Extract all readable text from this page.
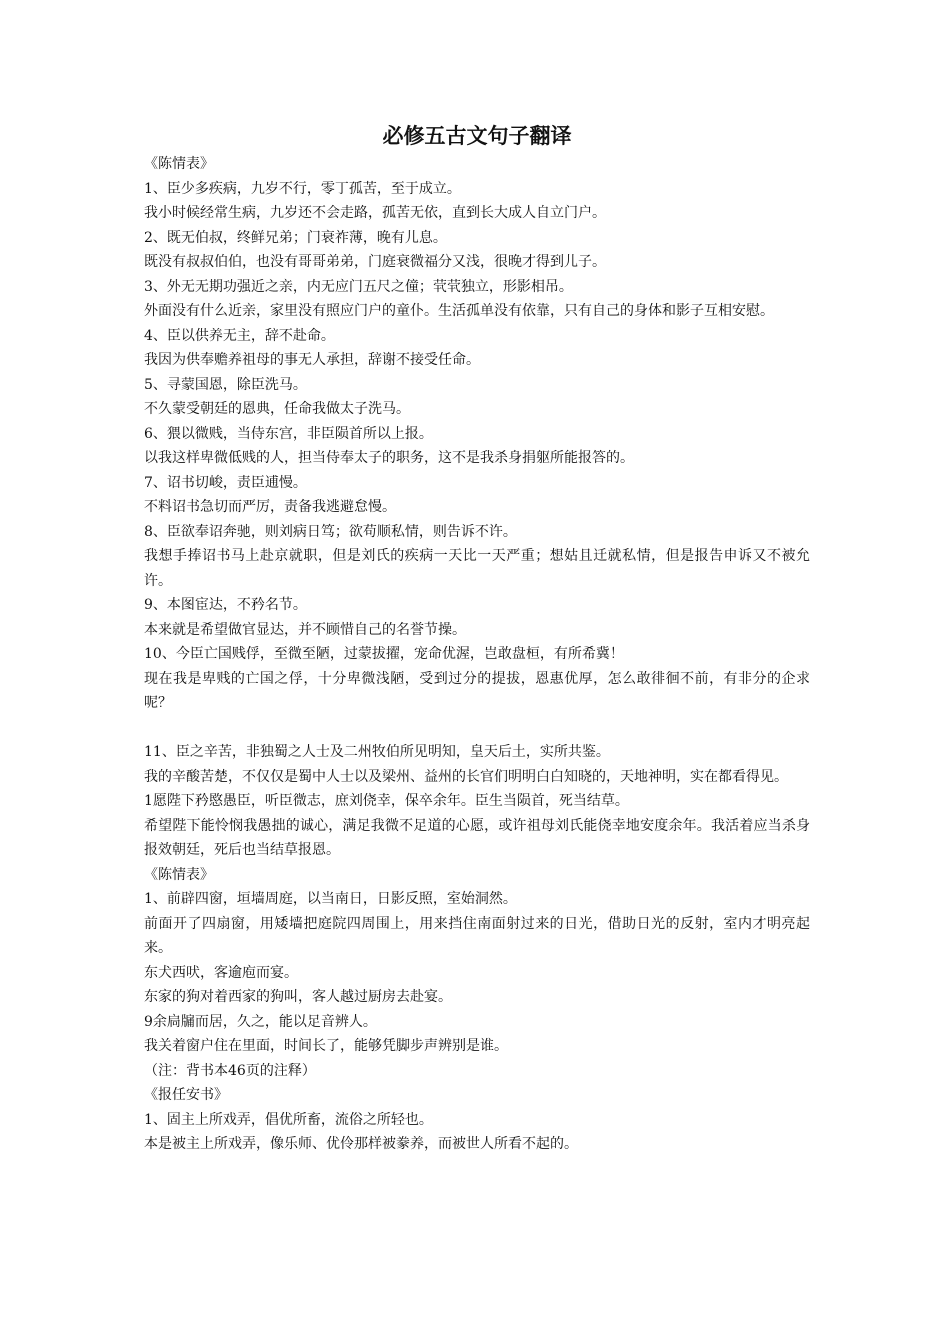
必修五古文句子翻译

《陈情表》

1、臣少多疾病，九岁不行，零丁孤苦，至于成立。

我小时候经常生病，九岁还不会走路，孤苦无依，直到长大成人自立门户。

2、既无伯叔，终鲜兄弟；门衰祚薄，晚有儿息。

既没有叔叔伯伯，也没有哥哥弟弟，门庭衰微福分又浅，很晚才得到儿子。

3、外无无期功强近之亲，内无应门五尺之僮；茕茕独立，形影相吊。

外面没有什么近亲，家里没有照应门户的童仆。生活孤单没有依靠，只有自己的身体和影子互相安慰。

4、臣以供养无主，辞不赴命。

我因为供奉赡养祖母的事无人承担，辞谢不接受任命。

5、寻蒙国恩，除臣洗马。

不久蒙受朝廷的恩典，任命我做太子洗马。

6、猥以微贱，当侍东宫，非臣陨首所以上报。

以我这样卑微低贱的人，担当侍奉太子的职务，这不是我杀身捐躯所能报答的。

7、诏书切峻，责臣逋慢。

不料诏书急切而严厉，责备我逃避怠慢。

8、臣欲奉诏奔驰，则刘病日笃；欲苟顺私情，则告诉不许。

我想手捧诏书马上赴京就职，但是刘氏的疾病一天比一天严重；想姑且迁就私情，但是报告申诉又不被允许。

9、本图宦达，不矜名节。

本来就是希望做官显达，并不顾惜自己的名誉节操。

10、今臣亡国贱俘，至微至陋，过蒙拔擢，宠命优渥，岂敢盘桓，有所希冀！

现在我是卑贱的亡国之俘，十分卑微浅陋，受到过分的提拔，恩惠优厚，怎么敢徘徊不前，有非分的企求呢？

11、臣之辛苦，非独蜀之人士及二州牧伯所见明知，皇天后土，实所共鉴。

我的辛酸苦楚，不仅仅是蜀中人士以及梁州、益州的长官们明明白白知晓的，天地神明，实在都看得见。

1愿陛下矜愍愚臣，听臣微志，庶刘侥幸，保卒余年。臣生当陨首，死当结草。

希望陛下能怜悯我愚拙的诚心，满足我微不足道的心愿，或许祖母刘氏能侥幸地安度余年。我活着应当杀身报效朝廷，死后也当结草报恩。

《陈情表》

1、前辟四窗，垣墙周庭，以当南日，日影反照，室始洞然。

前面开了四扇窗，用矮墙把庭院四周围上，用来挡住南面射过来的日光，借助日光的反射，室内才明亮起来。

东犬西吠，客逾庖而宴。

东家的狗对着西家的狗叫，客人越过厨房去赴宴。

9余扃牖而居，久之，能以足音辨人。

我关着窗户住在里面，时间长了，能够凭脚步声辨别是谁。

（注：背书本46页的注释）

《报任安书》

1、固主上所戏弄，倡优所畜，流俗之所轻也。

本是被主上所戏弄，像乐师、优伶那样被豢养，而被世人所看不起的。
